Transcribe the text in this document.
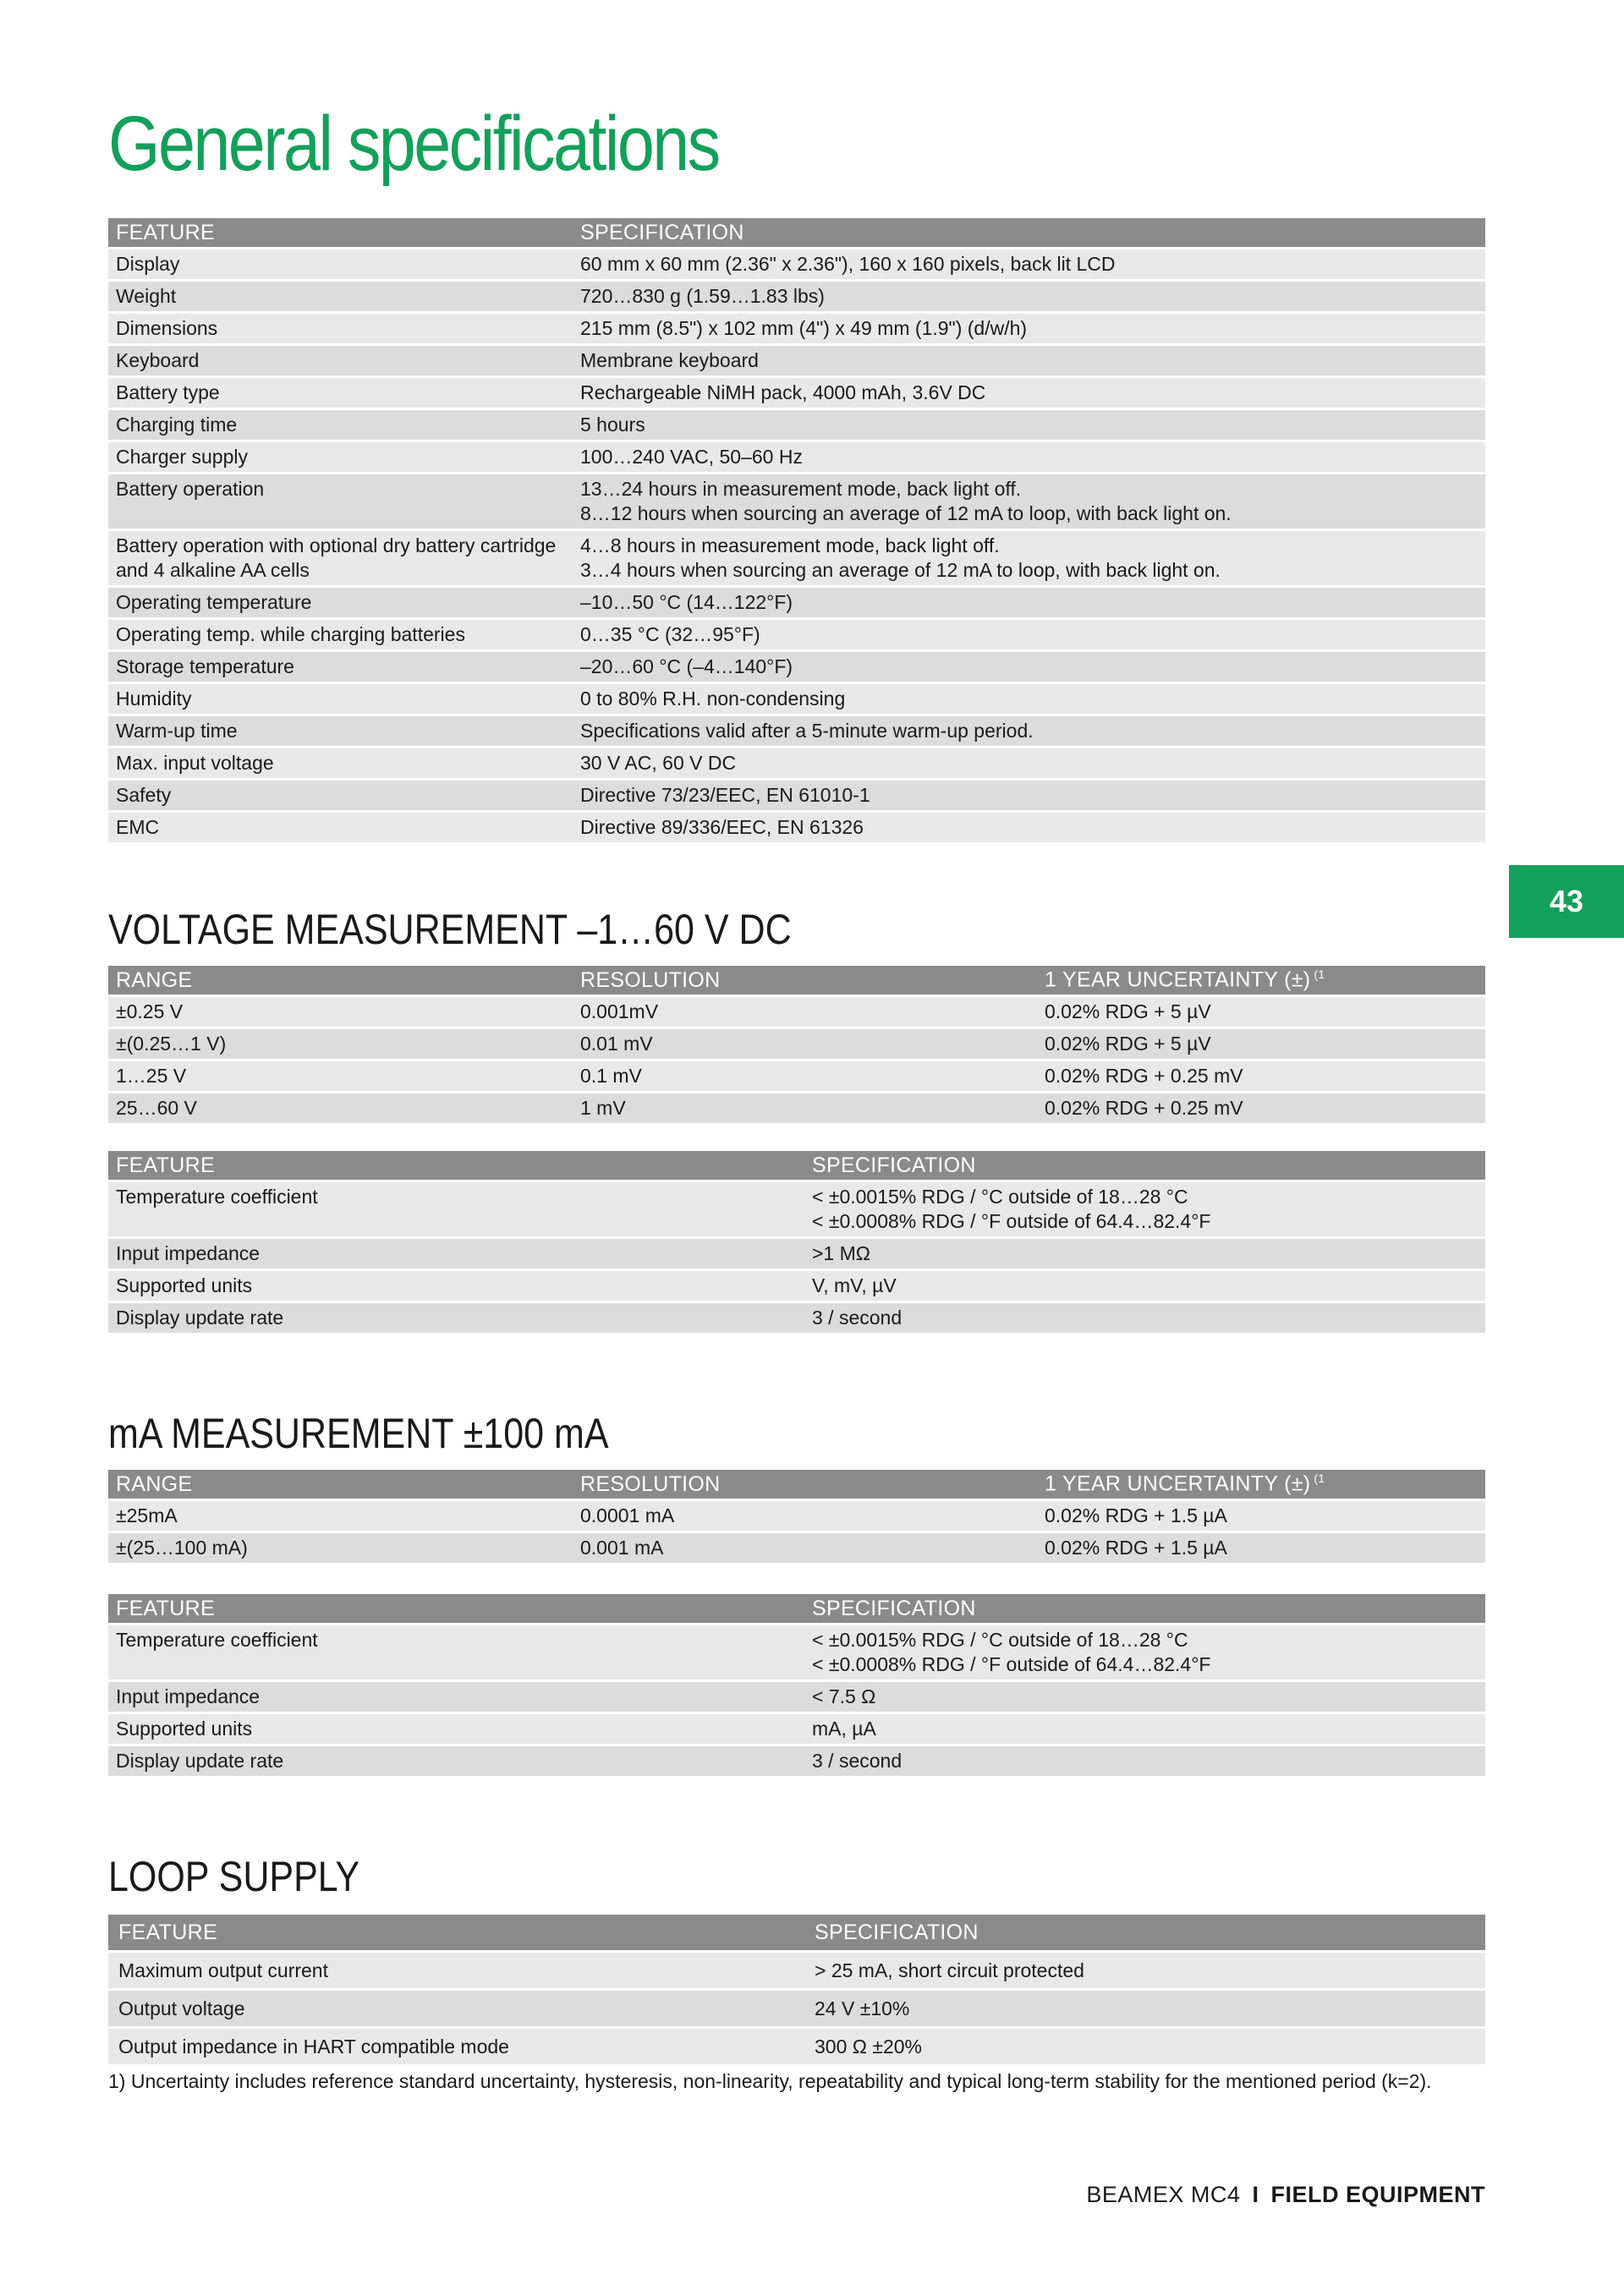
General specifications
FEATURE	SPECIFICATION
Display	60 mm x 60 mm (2.36" x 2.36"), 160 x 160 pixels, back lit LCD
Weight	720…830 g (1.59…1.83 lbs)
Dimensions	215 mm (8.5") x 102 mm (4") x 49 mm (1.9") (d/w/h)
Keyboard	Membrane keyboard
Battery type	Rechargeable NiMH pack, 4000 mAh, 3.6V DC
Charging time	5 hours
Charger supply	100…240 VAC, 50–60 Hz
Battery operation	13…24 hours in measurement mode, back light off.
8…12 hours when sourcing an average of 12 mA to loop, with back light on.
Battery operation with optional dry battery cartridge
and 4 alkaline AA cells	4…8 hours in measurement mode, back light off.
3…4 hours when sourcing an average of 12 mA to loop, with back light on.
Operating temperature	–10…50 °C (14…122°F)
Operating temp. while charging batteries	0…35 °C (32…95°F)
Storage temperature	–20…60 °C (–4…140°F)
Humidity	0 to 80% R.H. non-condensing
Warm-up time	Specifications valid after a 5-minute warm-up period.
Max. input voltage	30 V AC, 60 V DC
Safety	Directive 73/23/EEC, EN 61010-1
EMC	Directive 89/336/EEC, EN 61326
43
VOLTAGE MEASUREMENT –1…60 V DC
RANGE	RESOLUTION	1 YEAR UNCERTAINTY (±) $^{(1}$
±0.25 V	0.001mV	0.02% RDG + 5 µV
±(0.25…1 V)	0.01 mV	0.02% RDG + 5 µV
1…25 V	0.1 mV	0.02% RDG + 0.25 mV
25…60 V	1 mV	0.02% RDG + 0.25 mV
FEATURE	SPECIFICATION
Temperature coefficient	< ±0.0015% RDG / °C outside of 18…28 °C
< ±0.0008% RDG / °F outside of 64.4…82.4°F
Input impedance	>1 MΩ
Supported units	V, mV, µV
Display update rate	3 / second
mA MEASUREMENT ±100 mA
RANGE	RESOLUTION	1 YEAR UNCERTAINTY (±) $^{(1}$
±25mA	0.0001 mA	0.02% RDG + 1.5 µA
±(25…100 mA)	0.001 mA	0.02% RDG + 1.5 µA
FEATURE	SPECIFICATION
Temperature coefficient	< ±0.0015% RDG / °C outside of 18…28 °C
< ±0.0008% RDG / °F outside of 64.4…82.4°F
Input impedance	< 7.5 Ω
Supported units	mA, µA
Display update rate	3 / second
LOOP SUPPLY
FEATURE	SPECIFICATION
Maximum output current	> 25 mA, short circuit protected
Output voltage	24 V ±10%
Output impedance in HART compatible mode	300 Ω ±20%

1) Uncertainty includes reference standard uncertainty, hysteresis, non-linearity, repeatability and typical long-term stability for the mentioned period (k=2).

BEAMEX MC4 I FIELD EQUIPMENT
